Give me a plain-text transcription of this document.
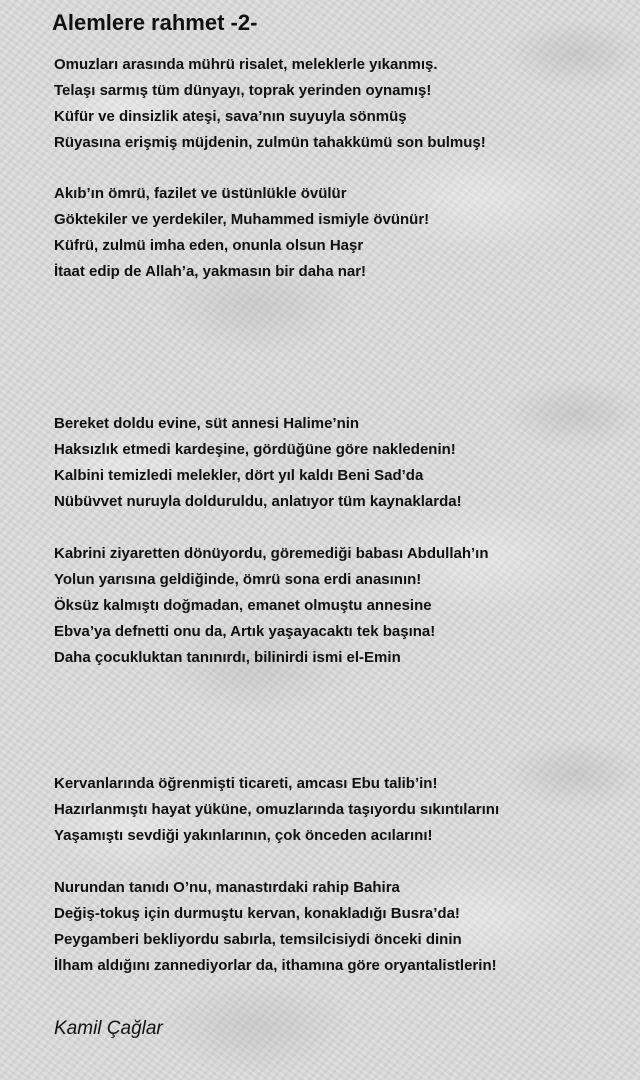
Alemlere rahmet -2-
Omuzları arasında mührü risalet, meleklerle yıkanmış.
Telaşı sarmış tüm dünyayı, toprak yerinden oynamış!
Küfür ve dinsizlik ateşi, sava’nın suyuyla sönmüş
Rüyasına erişmiş müjdenin, zulmün tahakkümü son bulmuş!
Akıb’ın ömrü, fazilet ve üstünlükle övülür
Göktekiler ve yerdekiler, Muhammed ismiyle övünür!
Küfrü, zulmü imha eden, onunla olsun Haşr
İtaat edip de Allah’a, yakmasın bir daha nar!
Bereket doldu evine, süt annesi Halime’nin
Haksızlık etmedi kardeşine, gördüğüne göre nakledenin!
Kalbini temizledi melekler, dört yıl kaldı Beni Sad’da
Nübüvvet nuruyla dolduruldu, anlatıyor tüm kaynaklarda!
Kabrini ziyaretten dönüyordu, göremediği babası Abdullah’ın
Yolun yarısına geldiğinde, ömrü sona erdi anasının!
Öksüz kalmıştı doğmadan, emanet olmuştu annesine
Ebva’ya defnetti onu da, Artık yaşayacaktı tek başına!
Daha çocukluktan tanınırdı, bilinirdi ismi el-Emin
Kervanlarında öğrenmişti ticareti, amcası Ebu talib’in!
Hazırlanmıştı hayat yüküne, omuzlarında taşıyordu sıkıntılarını
Yaşamıştı sevdiği yakınlarının, çok önceden acılarını!
Nurundan tanıdı O’nu, manastırdaki rahip Bahira
Değiş-tokuş için durmuştu kervan, konakladığı Busra’da!
Peygamberi bekliyordu sabırla, temsilcisiydi önceki dinin
İlham aldığını zannediyorlar da, ithamına göre oryantalistlerin!
Kamil Çağlar
